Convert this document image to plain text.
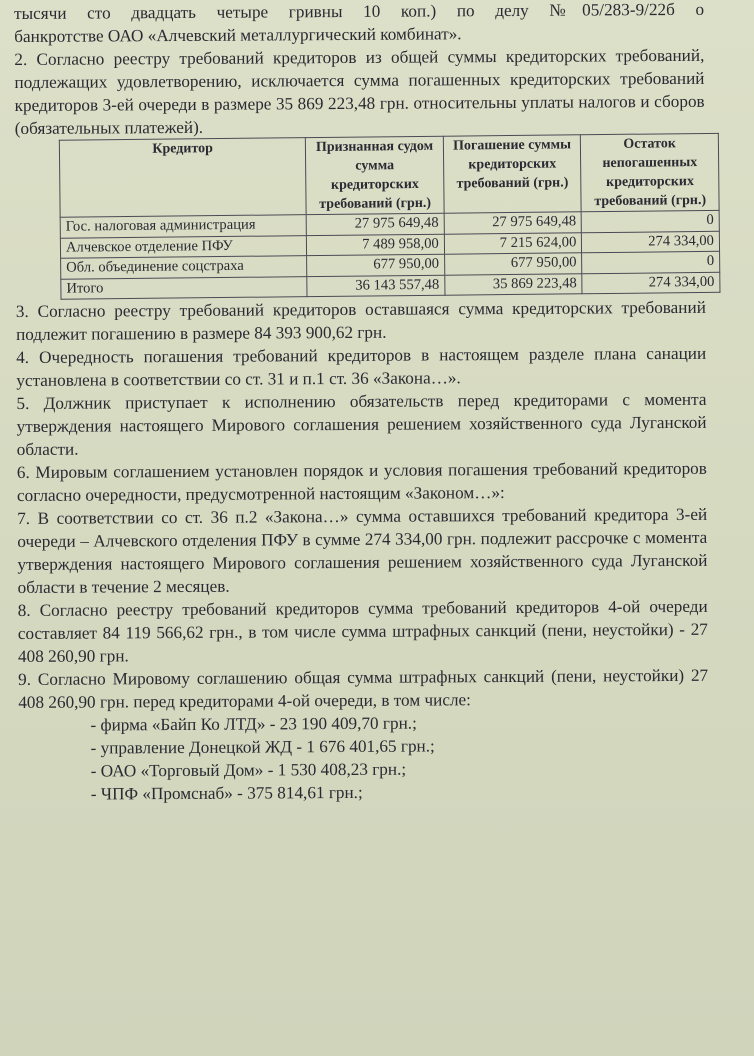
тысячи сто двадцать четыре гривны 10 коп.) по делу №05/283-9/22б о

банкротстве ОАО «Алчевский металлургический комбинат».

2. Согласно реестру требований кредиторов из общей суммы кредиторских требований, подлежащих удовлетворению, исключается сумма погашенных кредиторских требований кредиторов 3-ей очереди в размере 35 869 223,48 грн. относительны уплаты налогов и сборов (обязательных платежей).

Кредитор	Признанная судом сумма кредиторских требований (грн.)	Погашение суммы кредиторских требований (грн.)	Остаток непогашенных кредиторских требований (грн.)
Гос. налоговая администрация	27 975 649,48	27 975 649,48	0
Алчевское отделение ПФУ	7 489 958,00	7 215 624,00	274 334,00
Обл. объединение соцстраха	677 950,00	677 950,00	0
Итого	36 143 557,48	35 869 223,48	274 334,00

3. Согласно реестру требований кредиторов оставшаяся сумма кредиторских требований подлежит погашению в размере 84 393 900,62 грн.

4. Очередность погашения требований кредиторов в настоящем разделе плана санации установлена в соответствии со ст. 31 и п.1 ст. 36 «Закона…».

5. Должник приступает к исполнению обязательств перед кредиторами с момента утверждения настоящего Мирового соглашения решением хозяйственного суда Луганской области.

6. Мировым соглашением установлен порядок и условия погашения требований кредиторов согласно очередности, предусмотренной настоящим «Законом…»:

7. В соответствии со ст. 36 п.2 «Закона…» сумма оставшихся требований кредитора 3-ей очереди – Алчевского отделения ПФУ в сумме 274 334,00 грн. подлежит рассрочке с момента утверждения настоящего Мирового соглашения решением хозяйственного суда Луганской области в течение 2 месяцев.

8. Согласно реестру требований кредиторов сумма требований кредиторов 4-ой очереди составляет 84 119 566,62 грн., в том числе сумма штрафных санкций (пени, неустойки) - 27 408 260,90 грн.

9. Согласно Мировому соглашению общая сумма штрафных санкций (пени, неустойки) 27 408 260,90 грн. перед кредиторами 4-ой очереди, в том числе:

- фирма «Байп Ко ЛТД» - 23 190 409,70 грн.;

- управление Донецкой ЖД - 1 676 401,65 грн.;

- ОАО «Торговый Дом» - 1 530 408,23 грн.;

- ЧПФ «Промснаб» - 375 814,61 грн.;
